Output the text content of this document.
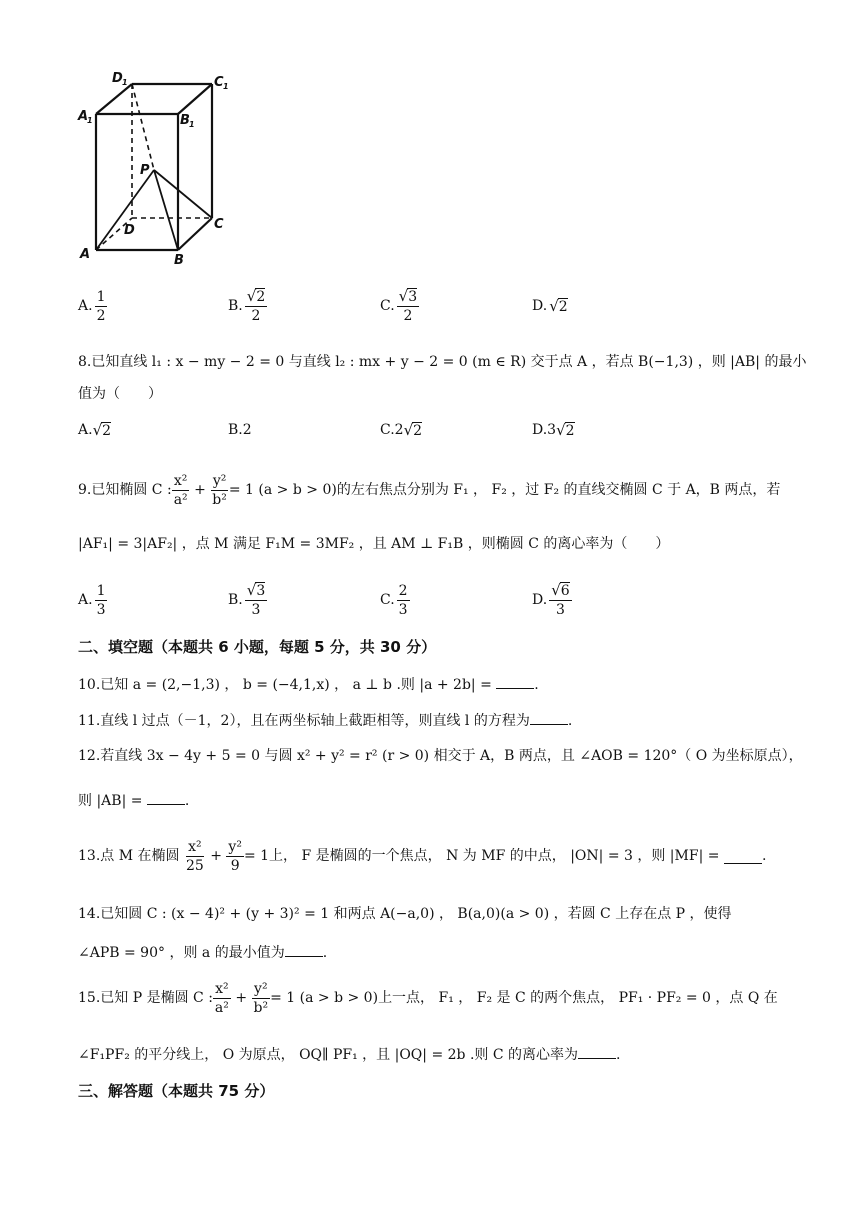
D 1	C 1
A
1	B 1
P
D	C
A	B
A. $\frac{1}{2}$	B. $\frac{√2}{2}$	C. $\frac{√3}{2}$	D. √ 2
8.已知直线 l₁ : x − my − 2 = 0 与直线 l₂ : mx + y − 2 = 0 (m ∈ R) 交于点 A ，若点 B(−1,3) ，则 |AB| 的最小
值为（　　）
A. √ 2	B.2	C.2 √ 2	D.3 √ 2
9.已知椭圆 C : $\frac{\text{x²}}{\text{a²}} + \frac{\text{y²}}{\text{b²}} = 1$ (a > b > 0) 的左右焦点分别为 F₁ ， F₂ ，过 F₂ 的直线交椭圆 C 于 A，B 两点，若
|AF₁| = 3|AF₂| ，点 M 满足 F₁M = 3MF₂ ，且 AM ⊥ F₁B ，则椭圆 C 的离心率为（　　）
A. $\frac{1}{3}$	B. $\frac{√3}{3}$	C. $\frac{2}{3}$	D. $\frac{√6}{3}$
二、填空题（本题共 6 小题，每题 5 分，共 30 分）
10.已知 a = (2,−1,3) ， b = (−4,1,x) ， a ⊥ b .则 |a + 2b| =	.
11.直线 l 过点（－1，2），且在两坐标轴上截距相等，则直线 l 的方程为	.
12.若直线 3x − 4y + 5 = 0 与圆 x² + y² = r² (r > 0) 相交于 A，B 两点，且 ∠AOB = 120°（ O 为坐标原点），
则 |AB| =	.
13.点 M 在椭圆
$\frac{\text{x²}}{25} + \frac{\text{y²}}{9} = 1$ 上， F 是椭圆的一个焦点， N 为 MF 的中点， |ON| = 3 ，则 |MF| =
	.
14.已知圆 C : (x − 4)² + (y + 3)² = 1 和两点 A(−a,0) ， B(a,0)(a > 0) ，若圆 C 上存在点 P ，使得
∠APB = 90° ，则 a 的最小值为	.
15.已知 P 是椭圆 C : $\frac{\text{x²}}{\text{a²}} + \frac{\text{y²}}{\text{b²}} = 1$ (a > b > 0) 上一点， F₁ ， F₂ 是 C 的两个焦点， PF₁ · PF₂ = 0 ，点 Q 在
∠F₁PF₂ 的平分线上， O 为原点， OQ∥ PF₁ ，且 |OQ| = 2b .则 C 的离心率为	.
三、解答题（本题共 75 分）
